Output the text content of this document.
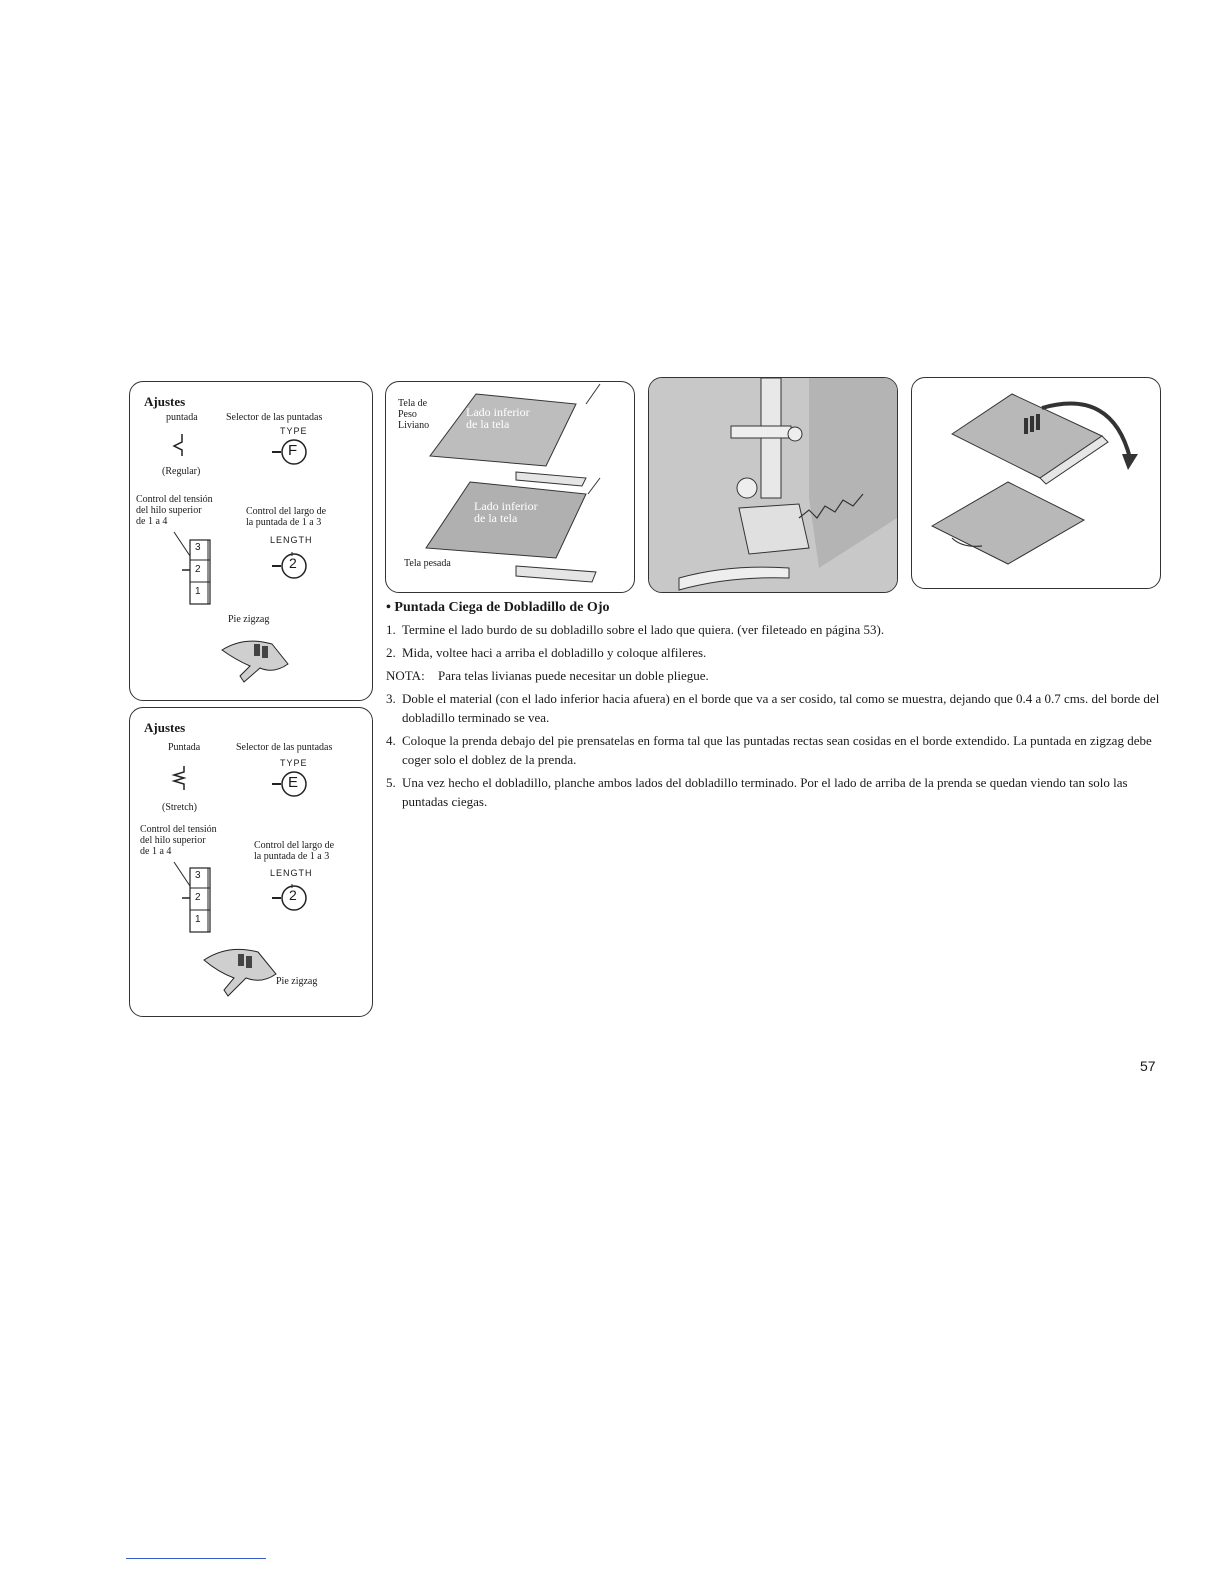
Ajustes
puntada	Selector de las puntadas
TYPE
F
(Regular)
Control del tensión
del hilo superior
de 1 a 4
Control del largo de
la puntada de 1 a 3
LENGTH
3
2
1
2
Pie zigzag
Ajustes
Puntada	Selector de las puntadas
TYPE
E
(Stretch)
Control del tensión
del hilo superior
de 1 a 4
Control del largo de
la puntada de 1 a 3
LENGTH
3
2
1
2
Pie zigzag
Tela de
Peso
Liviano
Lado inferior
de la tela
Lado inferior
de la tela
Tela pesada
• Puntada Ciega de Dobladillo de Ojo
1. Termine el lado burdo de su dobladillo sobre el lado que quiera. (ver fileteado en página 53).
2. Mida, voltee haci a arriba el dobladillo y coloque alfileres.
NOTA:	Para telas livianas puede necesitar un doble pliegue.
3. Doble el material (con el lado inferior hacia afuera) en el borde que va a ser cosido, tal como se muestra, dejando que 0.4 a 0.7 cms. del borde del dobladillo terminado se vea.
4. Coloque la prenda debajo del pie prensatelas en forma tal que las puntadas rectas sean cosidas en el borde extendido. La puntada en zigzag debe coger solo el doblez de la prenda.
5. Una vez hecho el dobladillo, planche ambos lados del dobladillo terminado. Por el lado de arriba de la prenda se quedan viendo tan solo las puntadas ciegas.
57
